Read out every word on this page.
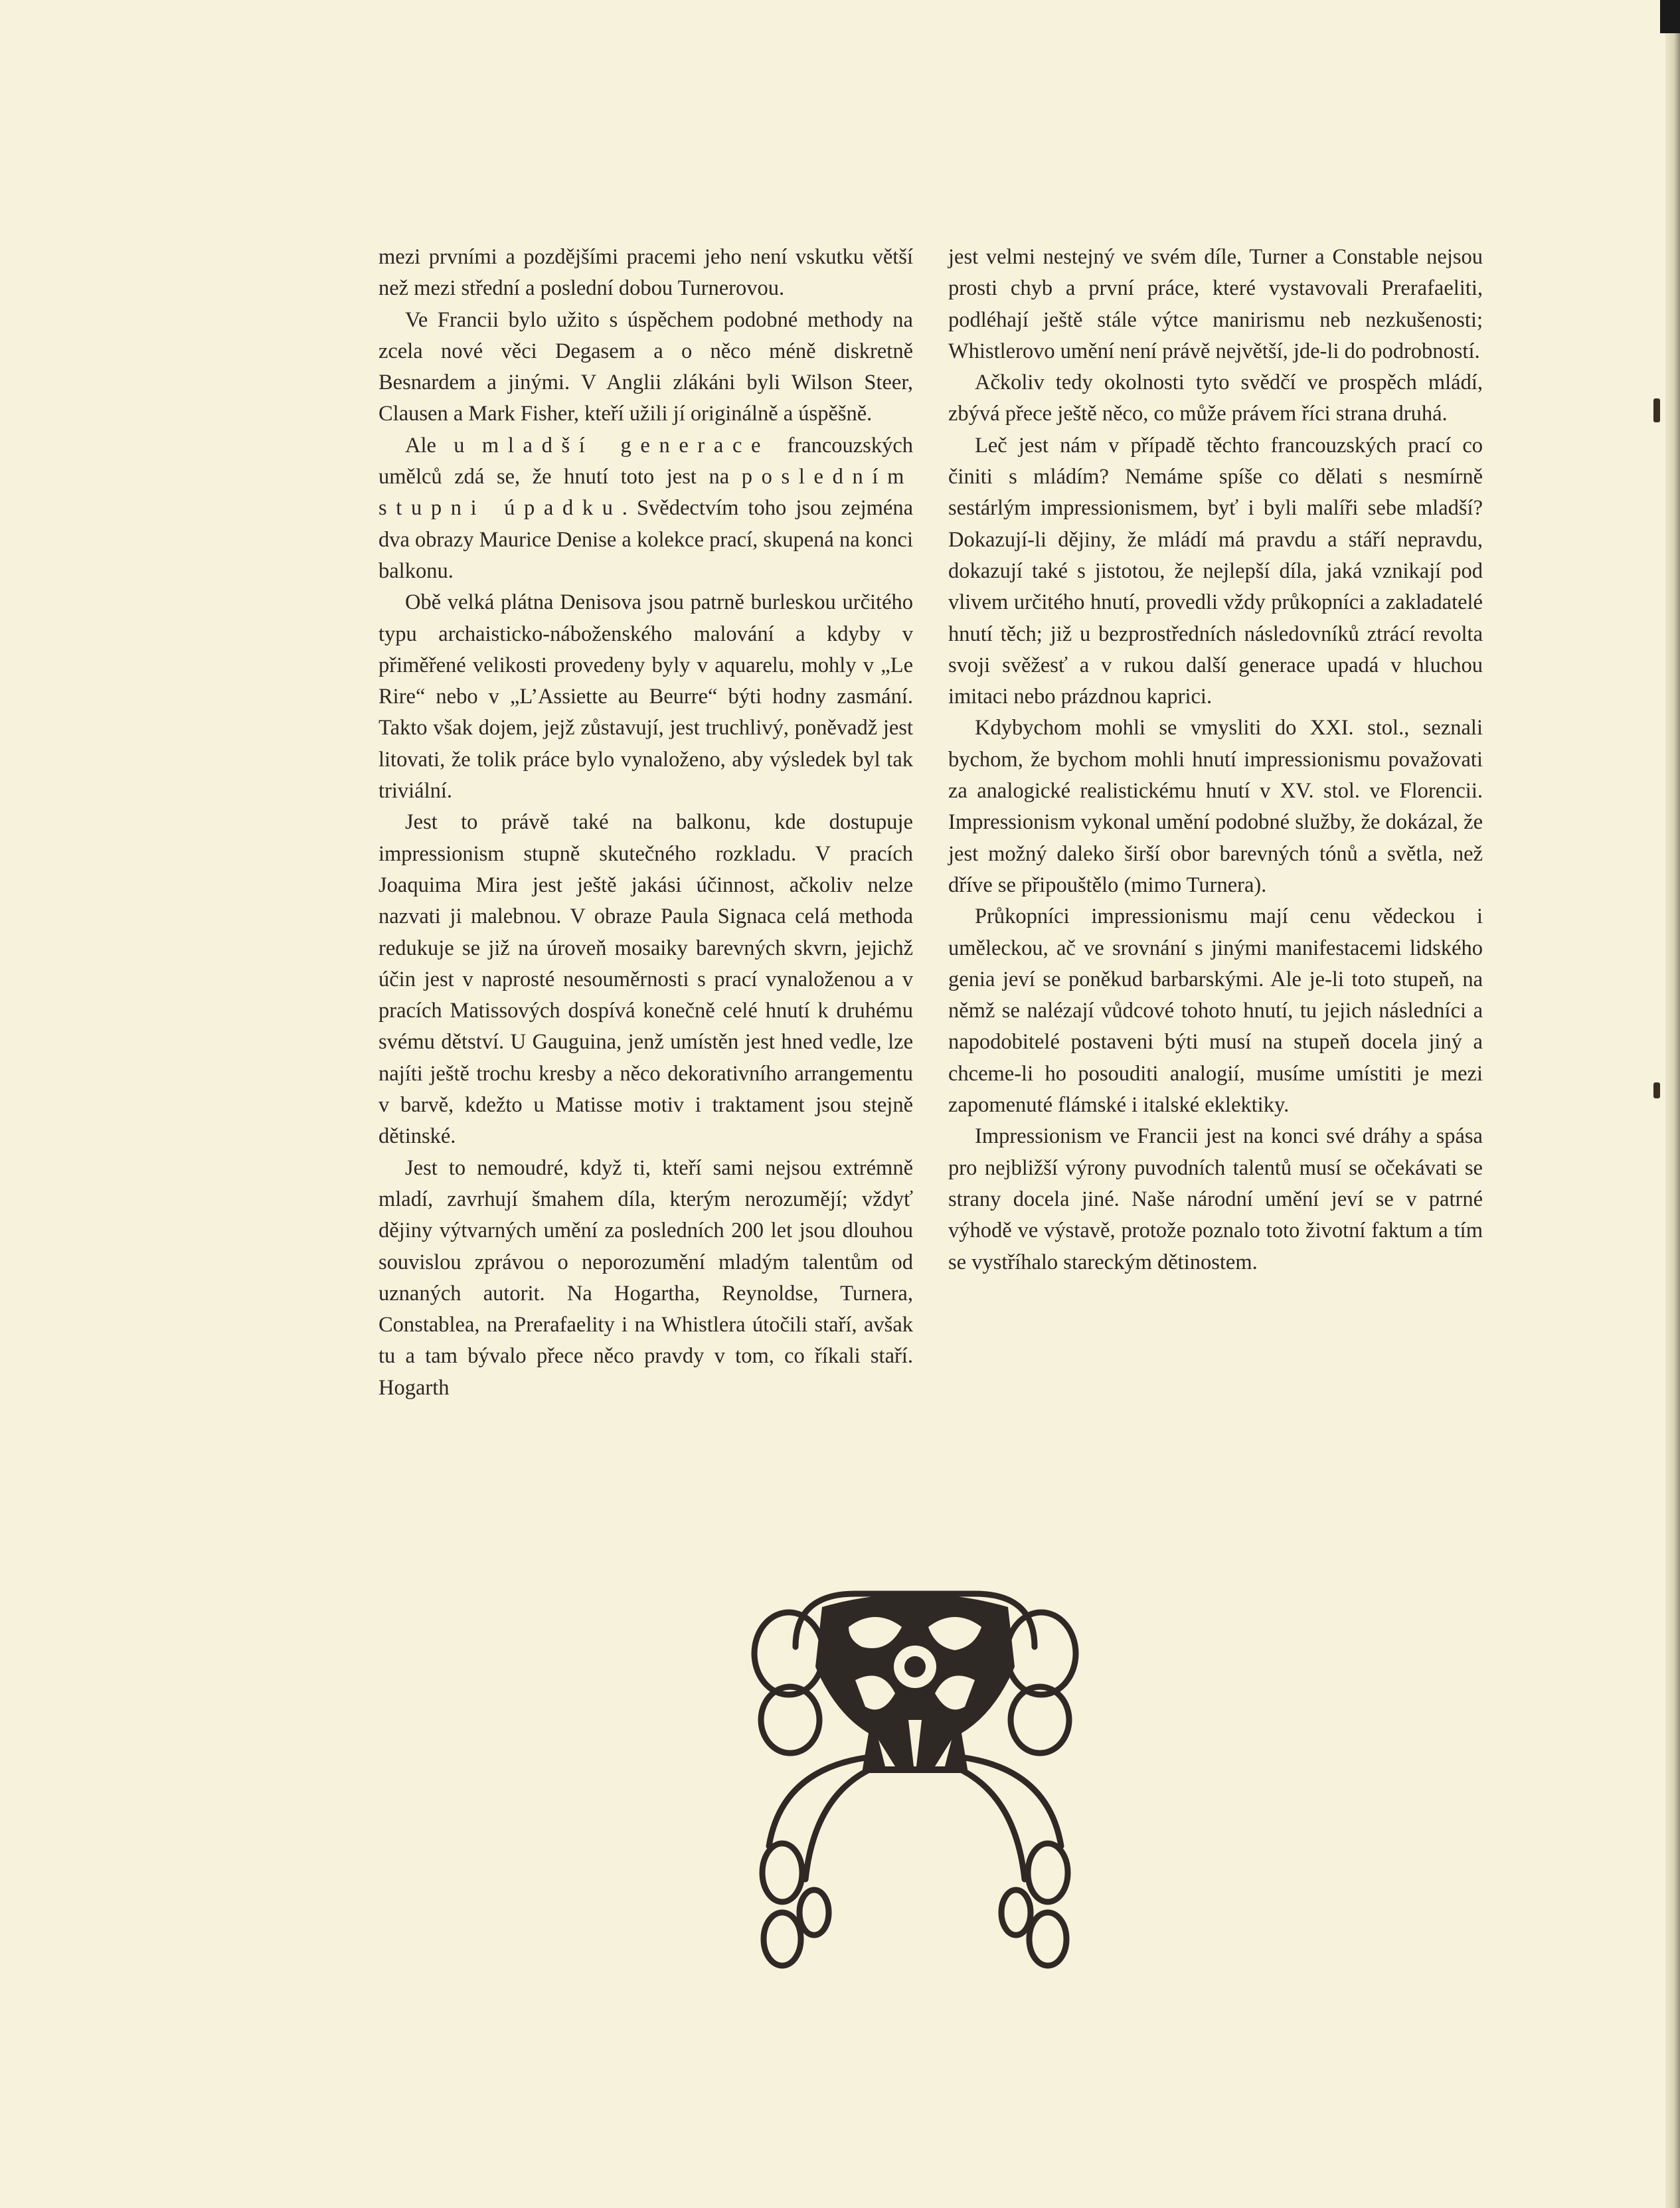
mezi prvními a pozdějšími pracemi jeho není vskutku větší než mezi střední a poslední dobou Turnerovou.

Ve Francii bylo užito s úspěchem podobné methody na zcela nové věci Degasem a o něco méně diskretně Besnardem a jinými. V Anglii zlákáni byli Wilson Steer, Clausen a Mark Fisher, kteří užili jí originálně a úspěšně.

Ale u mladší generace francouzských umělců zdá se, že hnutí toto jest na posledním stupni úpadku. Svědectvím toho jsou zejména dva obrazy Maurice Denise a kolekce prací, skupená na konci balkonu.

Obě velká plátna Denisova jsou patrně burleskou určitého typu archaisticko-náboženského malování a kdyby v přiměřené velikosti provedeny byly v aquarelu, mohly v „Le Rire“ nebo v „L’Assiette au Beurre“ býti hodny zasmání. Takto však dojem, jejž zůstavují, jest truchlivý, poněvadž jest litovati, že tolik práce bylo vynaloženo, aby výsledek byl tak triviální.

Jest to právě také na balkonu, kde dostupuje impressionism stupně skutečného rozkladu. V pracích Joaquima Mira jest ještě jakási účinnost, ačkoliv nelze nazvati ji malebnou. V obraze Paula Signaca celá methoda redukuje se již na úroveň mosaiky barevných skvrn, jejichž účin jest v naprosté nesouměrnosti s prací vynaloženou a v pracích Matissových dospívá konečně celé hnutí k druhému svému dětství. U Gauguina, jenž umístěn jest hned vedle, lze najíti ještě trochu kresby a něco dekorativního arrangementu v barvě, kdežto u Matisse motiv i traktament jsou stejně dětinské.

Jest to nemoudré, když ti, kteří sami nejsou extrémně mladí, zavrhují šmahem díla, kterým nerozumějí; vždyť dějiny výtvarných umění za posledních 200 let jsou dlouhou souvislou zprávou o neporozumění mladým talentům od uznaných autorit. Na Hogartha, Reynoldse, Turnera, Constablea, na Prerafaelity i na Whistlera útočili staří, avšak tu a tam bývalo přece něco pravdy v tom, co říkali staří. Hogarth

jest velmi nestejný ve svém díle, Turner a Constable nejsou prosti chyb a první práce, které vystavovali Prerafaeliti, podléhají ještě stále výtce manirismu neb nezkušenosti; Whistlerovo umění není právě největší, jde-li do podrobností.

Ačkoliv tedy okolnosti tyto svědčí ve prospěch mládí, zbývá přece ještě něco, co může právem říci strana druhá.

Leč jest nám v případě těchto francouzských prací co činiti s mládím? Nemáme spíše co dělati s nesmírně sestárlým impressionismem, byť i byli malíři sebe mladší? Dokazují-li dějiny, že mládí má pravdu a stáří nepravdu, dokazují také s jistotou, že nejlepší díla, jaká vznikají pod vlivem určitého hnutí, provedli vždy průkopníci a zakladatelé hnutí těch; již u bezprostředních následovníků ztrácí revolta svoji svěžesť a v rukou další generace upadá v hluchou imitaci nebo prázdnou kaprici.

Kdybychom mohli se vmysliti do XXI. stol., seznali bychom, že bychom mohli hnutí impressionismu považovati za analogické realistickému hnutí v XV. stol. ve Florencii. Impressionism vykonal umění podobné služby, že dokázal, že jest možný daleko širší obor barevných tónů a světla, než dříve se připouštělo (mimo Turnera).

Průkopníci impressionismu mají cenu vědeckou i uměleckou, ač ve srovnání s jinými manifestacemi lidského genia jeví se poněkud barbarskými. Ale je-li toto stupeň, na němž se nalézají vůdcové tohoto hnutí, tu jejich následníci a napodobitelé postaveni býti musí na stupeň docela jiný a chceme-li ho posouditi analogií, musíme umístiti je mezi zapomenuté flámské i italské eklektiky.

Impressionism ve Francii jest na konci své dráhy a spása pro nejbližší výrony puvodních talentů musí se očekávati se strany docela jiné. Naše národní umění jeví se v patrné výhodě ve výstavě, protože poznalo toto životní faktum a tím se vystříhalo stareckým dětinostem.
